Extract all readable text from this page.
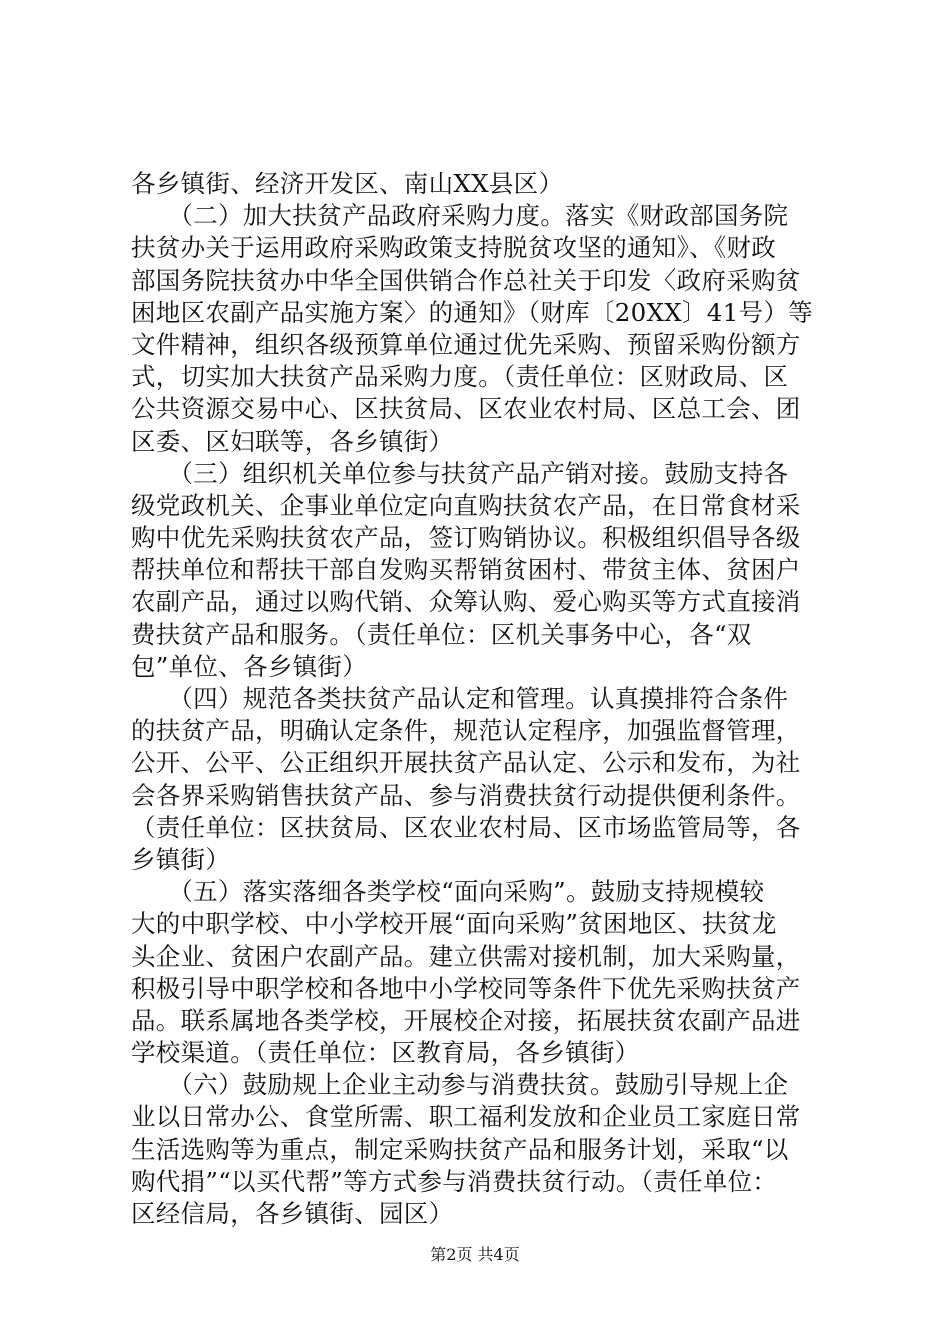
各乡镇街、经济开发区、南山XX县区）
　　（二）加大扶贫产品政府采购力度。落实《财政部国务院
扶贫办关于运用政府采购政策支持脱贫攻坚的通知》、《财政
部国务院扶贫办中华全国供销合作总社关于印发〈政府采购贫
困地区农副产品实施方案〉的通知》（财库〔20XX〕41号）等
文件精神，组织各级预算单位通过优先采购、预留采购份额方
式，切实加大扶贫产品采购力度。（责任单位：区财政局、区
公共资源交易中心、区扶贫局、区农业农村局、区总工会、团
区委、区妇联等，各乡镇街）
　　（三）组织机关单位参与扶贫产品产销对接。鼓励支持各
级党政机关、企事业单位定向直购扶贫农产品，在日常食材采
购中优先采购扶贫农产品，签订购销协议。积极组织倡导各级
帮扶单位和帮扶干部自发购买帮销贫困村、带贫主体、贫困户
农副产品，通过以购代销、众筹认购、爱心购买等方式直接消
费扶贫产品和服务。（责任单位：区机关事务中心，各“双
包”单位、各乡镇街）
　　（四）规范各类扶贫产品认定和管理。认真摸排符合条件
的扶贫产品，明确认定条件，规范认定程序，加强监督管理，
公开、公平、公正组织开展扶贫产品认定、公示和发布，为社
会各界采购销售扶贫产品、参与消费扶贫行动提供便利条件。
（责任单位：区扶贫局、区农业农村局、区市场监管局等，各
乡镇街）
　　（五）落实落细各类学校“面向采购”。鼓励支持规模较
大的中职学校、中小学校开展“面向采购”贫困地区、扶贫龙
头企业、贫困户农副产品。建立供需对接机制，加大采购量，
积极引导中职学校和各地中小学校同等条件下优先采购扶贫产
品。联系属地各类学校，开展校企对接，拓展扶贫农副产品进
学校渠道。（责任单位：区教育局，各乡镇街）
　　（六）鼓励规上企业主动参与消费扶贫。鼓励引导规上企
业以日常办公、食堂所需、职工福利发放和企业员工家庭日常
生活选购等为重点，制定采购扶贫产品和服务计划，采取“以
购代捐”“以买代帮”等方式参与消费扶贫行动。（责任单位：
区经信局，各乡镇街、园区）
第2页 共4页
